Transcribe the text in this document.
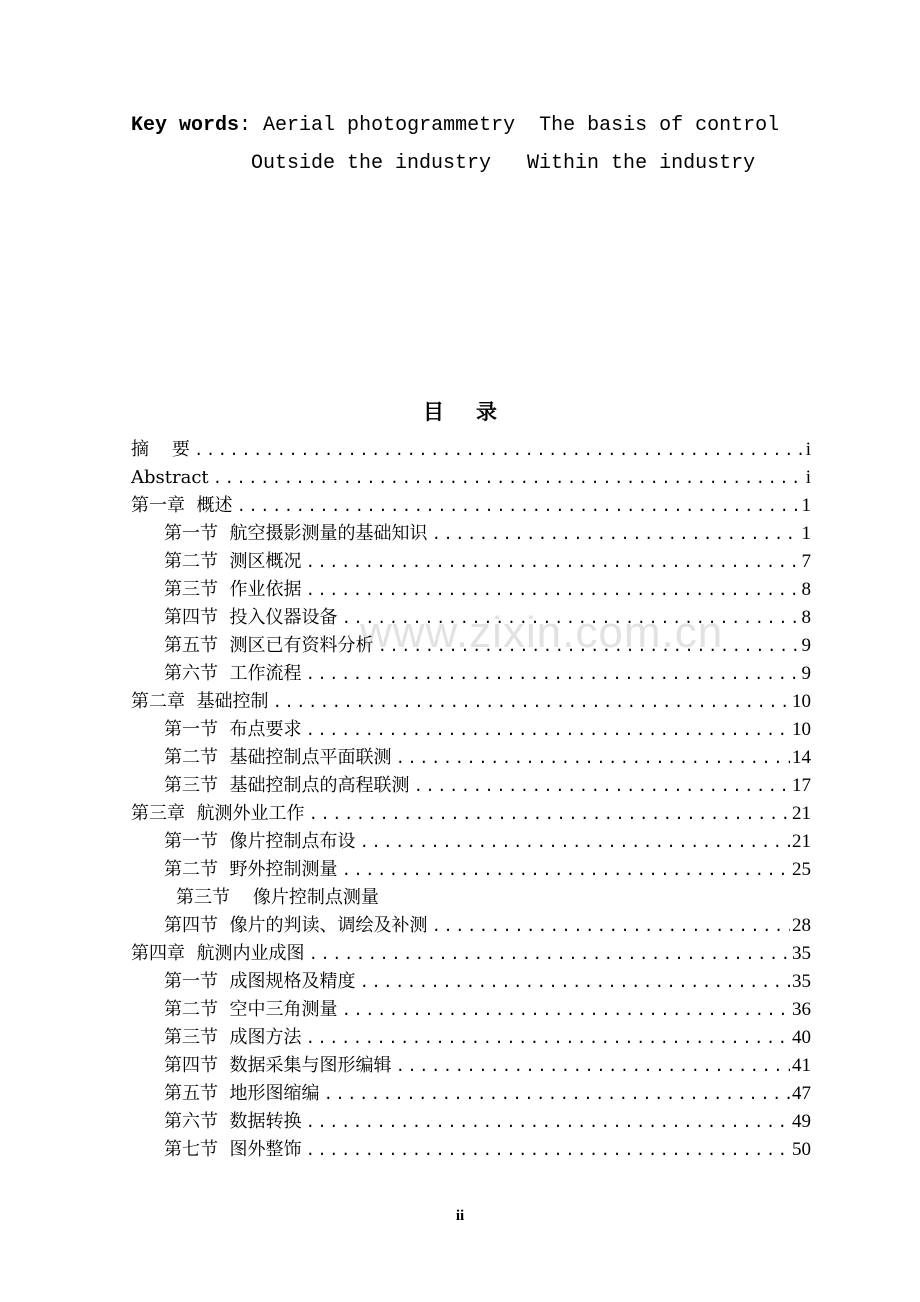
Key words: Aerial photogrammetry  The basis of control
Outside the industry   Within the industry
目录
摘    要 .....	i
Abstract .....	i
第一章  概述 .....	1
第一节  航空摄影测量的基础知识 .....	1
第二节  测区概况 .....	7
第三节  作业依据 .....	8
第四节  投入仪器设备 .....	8
第五节  测区已有资料分析 .....	9
第六节  工作流程 .....	9
第二章  基础控制 .....	10
第一节  布点要求 .....	10
第二节  基础控制点平面联测 .....	14
第三节  基础控制点的高程联测 .....	17
第三章  航测外业工作 .....	21
第一节  像片控制点布设 .....	21
第二节  野外控制测量 .....	25
第三节    像片控制点测量
第四节  像片的判读、调绘及补测 .....	28
第四章  航测内业成图 .....	35
第一节  成图规格及精度 .....	35
第二节  空中三角测量 .....	36
第三节  成图方法 .....	40
第四节  数据采集与图形编辑 .....	41
第五节  地形图缩编 .....	47
第六节  数据转换 .....	49
第七节  图外整饰 .....	50
www.zixin.com.cn
ii
